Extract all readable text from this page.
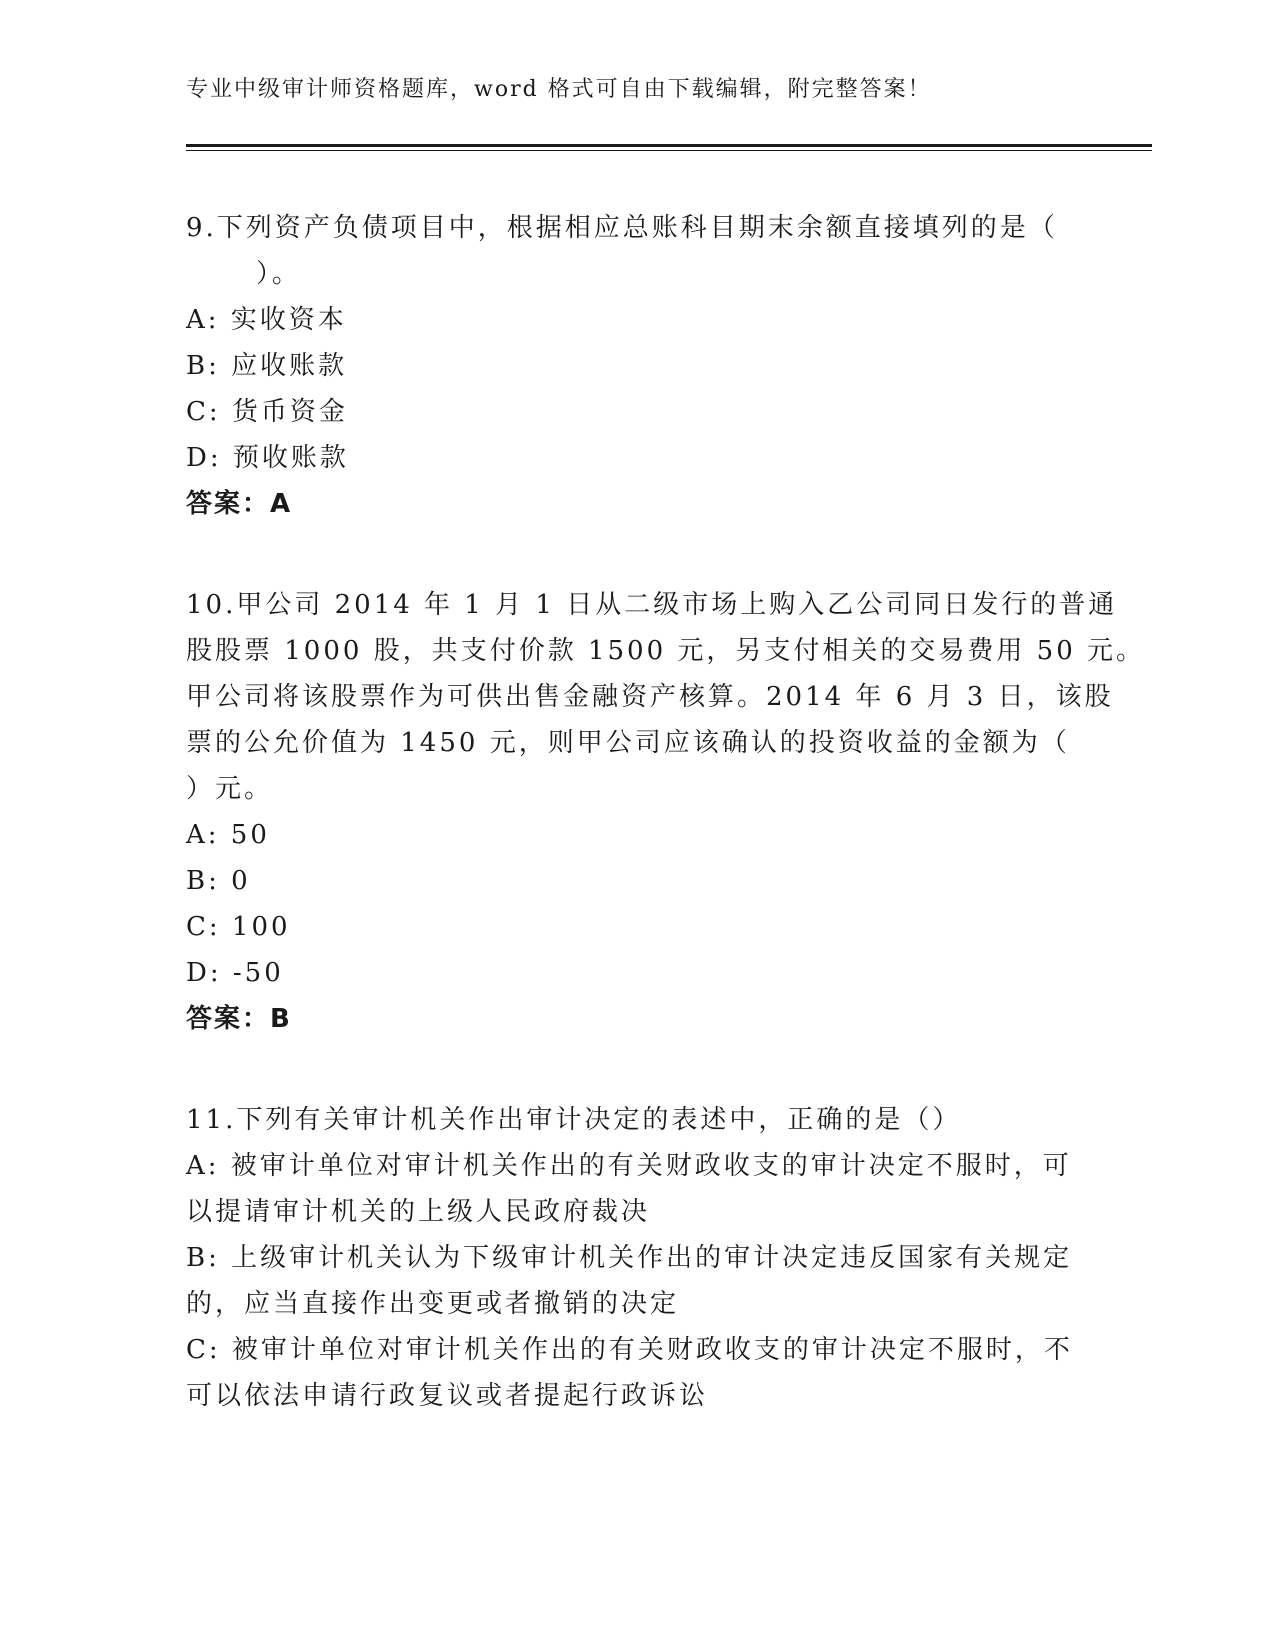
专业中级审计师资格题库，word 格式可自由下载编辑，附完整答案！
9.下列资产负债项目中，根据相应总账科目期末余额直接填列的是（
）。
A: 实收资本
B: 应收账款
C: 货币资金
D: 预收账款
答案：A
10.甲公司 2014 年 1 月 1 日从二级市场上购入乙公司同日发行的普通
股股票 1000 股，共支付价款 1500 元，另支付相关的交易费用 50 元。
甲公司将该股票作为可供出售金融资产核算。2014 年 6 月 3 日，该股
票的公允价值为 1450 元，则甲公司应该确认的投资收益的金额为（
）元。
A: 50
B: 0
C: 100
D: -50
答案：B
11.下列有关审计机关作出审计决定的表述中，正确的是（）
A: 被审计单位对审计机关作出的有关财政收支的审计决定不服时，可
以提请审计机关的上级人民政府裁决
B: 上级审计机关认为下级审计机关作出的审计决定违反国家有关规定
的，应当直接作出变更或者撤销的决定
C: 被审计单位对审计机关作出的有关财政收支的审计决定不服时，不
可以依法申请行政复议或者提起行政诉讼
